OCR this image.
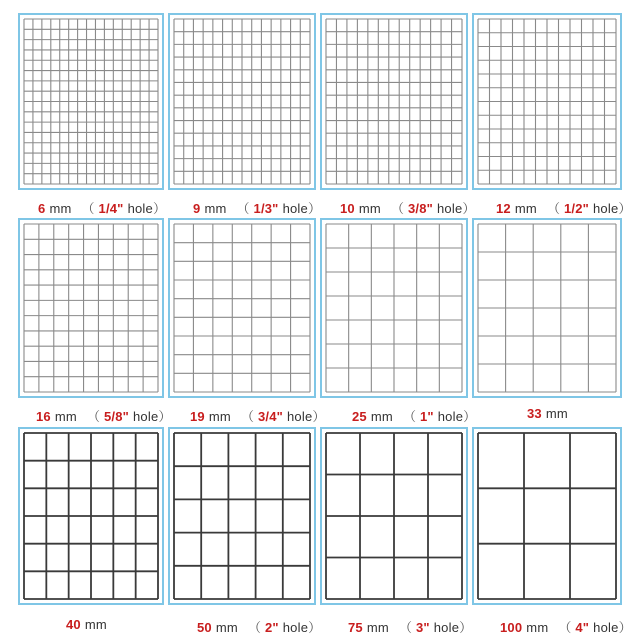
6 mm （ 1/4" hole） 9 mm （ 1/3" hole） 10 mm （ 3/8" hole） 12 mm （ 1/2" hole）
16 mm （ 5/8" hole） 19 mm （ 3/4" hole） 25 mm （ 1" hole）	33 mm
40 mm	50 mm （ 2" hole） 75 mm （ 3" hole） 100 mm （ 4" hole）
